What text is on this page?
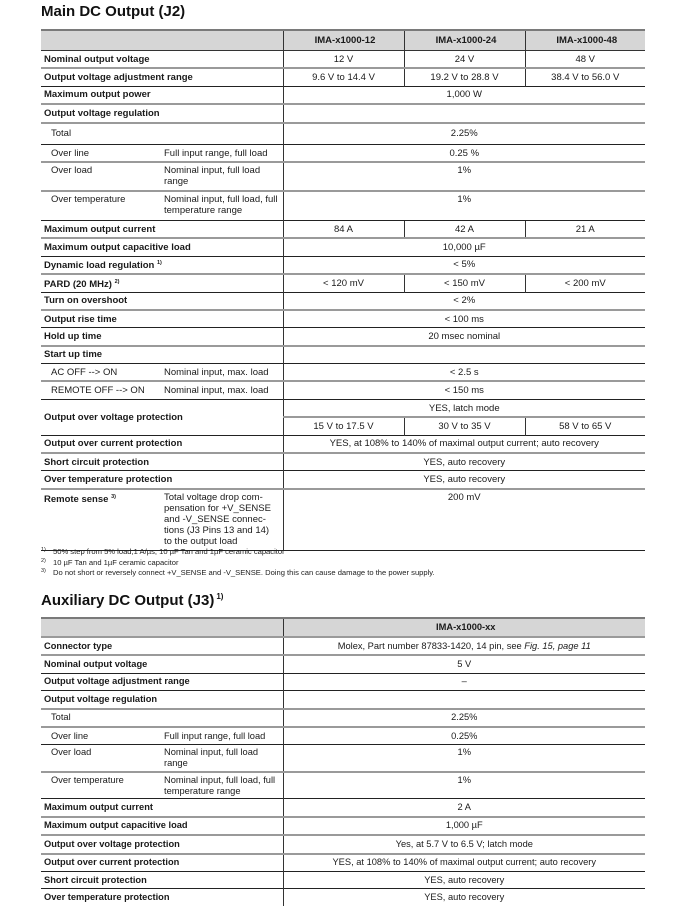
Main DC Output (J2)
		IMA-x1000-12	IMA-x1000-24	IMA-x1000-48
Nominal output voltage		12 V	24 V	48 V
Output voltage adjustment range		9.6 V to 14.4 V	19.2 V to 28.8 V	38.4 V to 56.0 V
Maximum output power		1,000 W		
Output voltage regulation				
Total		2.25%		
Over line	Full input range, full load	0.25 %		
Over load	Nominal input, full load range	1%		
Over temperature	Nominal input, full load, full temperature range	1%		
Maximum output current		84 A	42 A	21 A
Maximum output capacitive load		10,000 µF		
Dynamic load regulation $^{1)}$		< 5%		
PARD (20 MHz) $^{2)}$		< 120 mV	< 150 mV	< 200 mV
Turn on overshoot		< 2%		
Output rise time		< 100 ms		
Hold up time		20 msec nominal		
Start up time				
AC OFF --> ON	Nominal input, max. load	< 2.5 s		
REMOTE OFF --> ON	Nominal input, max. load	< 150 ms		
Output over voltage protection		YES, latch mode		
		15 V to 17.5 V	30 V to 35 V	58 V to 65 V
Output over current protection		YES, at 108% to 140% of maximal output current; auto recovery		
Short circuit protection		YES, auto recovery		
Over temperature protection		YES, auto recovery		
Remote sense $^{3)}$	Total voltage drop com-pensation for +V_SENSE and -V_SENSE connec-tions (J3 Pins 13 and 14) to the output load	200 mV		
1) 50% step from 5% load,1 A/µs, 10 µF Tan and 1µF ceramic capacitor
2) 10 µF Tan and 1µF ceramic capacitor
3) Do not short or reversely connect +V_SENSE and -V_SENSE. Doing this can cause damage to the power supply.
Auxiliary DC Output (J3) $^{1)}$
		IMA-x1000-xx
Connector type		Molex, Part number 87833-1420, 14 pin, see Fig. 15, page 11
Nominal output voltage		5 V
Output voltage adjustment range		–
Output voltage regulation		
Total		2.25%
Over line	Full input range, full load	0.25%
Over load	Nominal input, full load range	1%
Over temperature	Nominal input, full load, full temperature range	1%
Maximum output current		2 A
Maximum output capacitive load		1,000 µF
Output over voltage protection		Yes, at 5.7 V to 6.5 V; latch mode
Output over current protection		YES, at 108% to 140% of maximal output current; auto recovery
Short circuit protection		YES, auto recovery
Over temperature protection		YES, auto recovery
